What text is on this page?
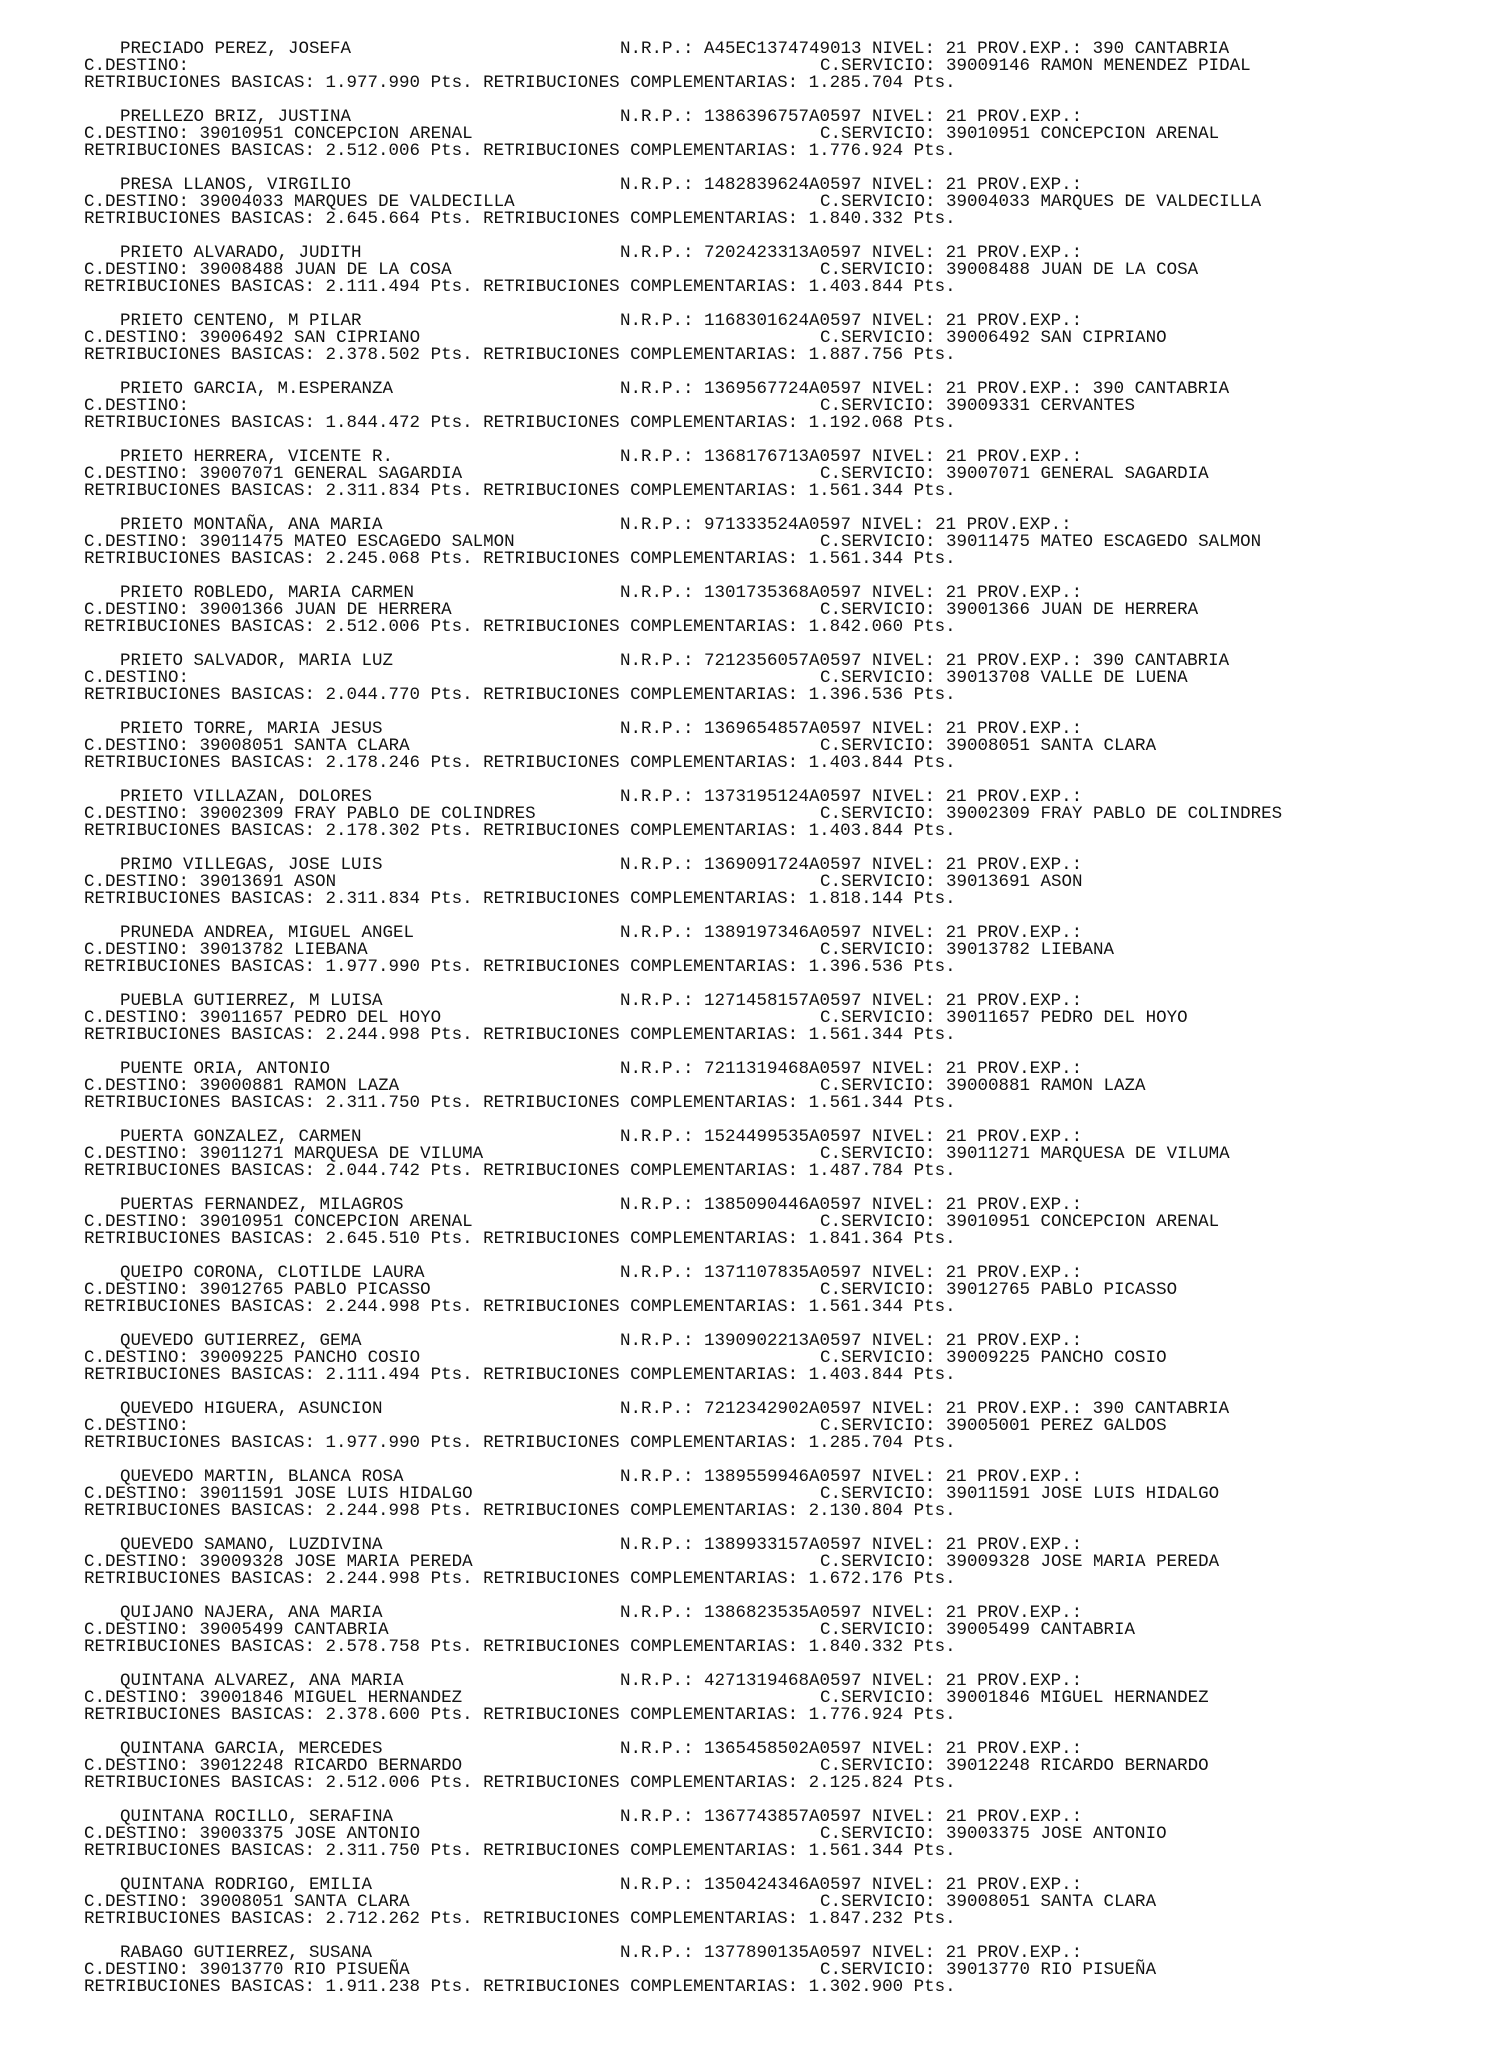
PRECIADO PEREZ, JOSEFA	N.R.P.: A45EC1374749013 NIVEL: 21 PROV.EXP.: 390 CANTABRIA
C.DESTINO:	C.SERVICIO: 39009146 RAMON MENENDEZ PIDAL
RETRIBUCIONES BASICAS: 1.977.990 Pts. RETRIBUCIONES COMPLEMENTARIAS: 1.285.704 Pts.
PRELLEZO BRIZ, JUSTINA	N.R.P.: 1386396757A0597 NIVEL: 21 PROV.EXP.:
C.DESTINO: 39010951 CONCEPCION ARENAL	C.SERVICIO: 39010951 CONCEPCION ARENAL
RETRIBUCIONES BASICAS: 2.512.006 Pts. RETRIBUCIONES COMPLEMENTARIAS: 1.776.924 Pts.
PRESA LLANOS, VIRGILIO	N.R.P.: 1482839624A0597 NIVEL: 21 PROV.EXP.:
C.DESTINO: 39004033 MARQUES DE VALDECILLA	C.SERVICIO: 39004033 MARQUES DE VALDECILLA
RETRIBUCIONES BASICAS: 2.645.664 Pts. RETRIBUCIONES COMPLEMENTARIAS: 1.840.332 Pts.
PRIETO ALVARADO, JUDITH	N.R.P.: 7202423313A0597 NIVEL: 21 PROV.EXP.:
C.DESTINO: 39008488 JUAN DE LA COSA	C.SERVICIO: 39008488 JUAN DE LA COSA
RETRIBUCIONES BASICAS: 2.111.494 Pts. RETRIBUCIONES COMPLEMENTARIAS: 1.403.844 Pts.
PRIETO CENTENO, M PILAR	N.R.P.: 1168301624A0597 NIVEL: 21 PROV.EXP.:
C.DESTINO: 39006492 SAN CIPRIANO	C.SERVICIO: 39006492 SAN CIPRIANO
RETRIBUCIONES BASICAS: 2.378.502 Pts. RETRIBUCIONES COMPLEMENTARIAS: 1.887.756 Pts.
PRIETO GARCIA, M.ESPERANZA	N.R.P.: 1369567724A0597 NIVEL: 21 PROV.EXP.: 390 CANTABRIA
C.DESTINO:	C.SERVICIO: 39009331 CERVANTES
RETRIBUCIONES BASICAS: 1.844.472 Pts. RETRIBUCIONES COMPLEMENTARIAS: 1.192.068 Pts.
PRIETO HERRERA, VICENTE R.	N.R.P.: 1368176713A0597 NIVEL: 21 PROV.EXP.:
C.DESTINO: 39007071 GENERAL SAGARDIA	C.SERVICIO: 39007071 GENERAL SAGARDIA
RETRIBUCIONES BASICAS: 2.311.834 Pts. RETRIBUCIONES COMPLEMENTARIAS: 1.561.344 Pts.
PRIETO MONTAÑA, ANA MARIA	N.R.P.: 971333524A0597 NIVEL: 21 PROV.EXP.:
C.DESTINO: 39011475 MATEO ESCAGEDO SALMON	C.SERVICIO: 39011475 MATEO ESCAGEDO SALMON
RETRIBUCIONES BASICAS: 2.245.068 Pts. RETRIBUCIONES COMPLEMENTARIAS: 1.561.344 Pts.
PRIETO ROBLEDO, MARIA CARMEN	N.R.P.: 1301735368A0597 NIVEL: 21 PROV.EXP.:
C.DESTINO: 39001366 JUAN DE HERRERA	C.SERVICIO: 39001366 JUAN DE HERRERA
RETRIBUCIONES BASICAS: 2.512.006 Pts. RETRIBUCIONES COMPLEMENTARIAS: 1.842.060 Pts.
PRIETO SALVADOR, MARIA LUZ	N.R.P.: 7212356057A0597 NIVEL: 21 PROV.EXP.: 390 CANTABRIA
C.DESTINO:	C.SERVICIO: 39013708 VALLE DE LUENA
RETRIBUCIONES BASICAS: 2.044.770 Pts. RETRIBUCIONES COMPLEMENTARIAS: 1.396.536 Pts.
PRIETO TORRE, MARIA JESUS	N.R.P.: 1369654857A0597 NIVEL: 21 PROV.EXP.:
C.DESTINO: 39008051 SANTA CLARA	C.SERVICIO: 39008051 SANTA CLARA
RETRIBUCIONES BASICAS: 2.178.246 Pts. RETRIBUCIONES COMPLEMENTARIAS: 1.403.844 Pts.
PRIETO VILLAZAN, DOLORES	N.R.P.: 1373195124A0597 NIVEL: 21 PROV.EXP.:
C.DESTINO: 39002309 FRAY PABLO DE COLINDRES	C.SERVICIO: 39002309 FRAY PABLO DE COLINDRES
RETRIBUCIONES BASICAS: 2.178.302 Pts. RETRIBUCIONES COMPLEMENTARIAS: 1.403.844 Pts.
PRIMO VILLEGAS, JOSE LUIS	N.R.P.: 1369091724A0597 NIVEL: 21 PROV.EXP.:
C.DESTINO: 39013691 ASON	C.SERVICIO: 39013691 ASON
RETRIBUCIONES BASICAS: 2.311.834 Pts. RETRIBUCIONES COMPLEMENTARIAS: 1.818.144 Pts.
PRUNEDA ANDREA, MIGUEL ANGEL	N.R.P.: 1389197346A0597 NIVEL: 21 PROV.EXP.:
C.DESTINO: 39013782 LIEBANA	C.SERVICIO: 39013782 LIEBANA
RETRIBUCIONES BASICAS: 1.977.990 Pts. RETRIBUCIONES COMPLEMENTARIAS: 1.396.536 Pts.
PUEBLA GUTIERREZ, M LUISA	N.R.P.: 1271458157A0597 NIVEL: 21 PROV.EXP.:
C.DESTINO: 39011657 PEDRO DEL HOYO	C.SERVICIO: 39011657 PEDRO DEL HOYO
RETRIBUCIONES BASICAS: 2.244.998 Pts. RETRIBUCIONES COMPLEMENTARIAS: 1.561.344 Pts.
PUENTE ORIA, ANTONIO	N.R.P.: 7211319468A0597 NIVEL: 21 PROV.EXP.:
C.DESTINO: 39000881 RAMON LAZA	C.SERVICIO: 39000881 RAMON LAZA
RETRIBUCIONES BASICAS: 2.311.750 Pts. RETRIBUCIONES COMPLEMENTARIAS: 1.561.344 Pts.
PUERTA GONZALEZ, CARMEN	N.R.P.: 1524499535A0597 NIVEL: 21 PROV.EXP.:
C.DESTINO: 39011271 MARQUESA DE VILUMA	C.SERVICIO: 39011271 MARQUESA DE VILUMA
RETRIBUCIONES BASICAS: 2.044.742 Pts. RETRIBUCIONES COMPLEMENTARIAS: 1.487.784 Pts.
PUERTAS FERNANDEZ, MILAGROS	N.R.P.: 1385090446A0597 NIVEL: 21 PROV.EXP.:
C.DESTINO: 39010951 CONCEPCION ARENAL	C.SERVICIO: 39010951 CONCEPCION ARENAL
RETRIBUCIONES BASICAS: 2.645.510 Pts. RETRIBUCIONES COMPLEMENTARIAS: 1.841.364 Pts.
QUEIPO CORONA, CLOTILDE LAURA	N.R.P.: 1371107835A0597 NIVEL: 21 PROV.EXP.:
C.DESTINO: 39012765 PABLO PICASSO	C.SERVICIO: 39012765 PABLO PICASSO
RETRIBUCIONES BASICAS: 2.244.998 Pts. RETRIBUCIONES COMPLEMENTARIAS: 1.561.344 Pts.
QUEVEDO GUTIERREZ, GEMA	N.R.P.: 1390902213A0597 NIVEL: 21 PROV.EXP.:
C.DESTINO: 39009225 PANCHO COSIO	C.SERVICIO: 39009225 PANCHO COSIO
RETRIBUCIONES BASICAS: 2.111.494 Pts. RETRIBUCIONES COMPLEMENTARIAS: 1.403.844 Pts.
QUEVEDO HIGUERA, ASUNCION	N.R.P.: 7212342902A0597 NIVEL: 21 PROV.EXP.: 390 CANTABRIA
C.DESTINO:	C.SERVICIO: 39005001 PEREZ GALDOS
RETRIBUCIONES BASICAS: 1.977.990 Pts. RETRIBUCIONES COMPLEMENTARIAS: 1.285.704 Pts.
QUEVEDO MARTIN, BLANCA ROSA	N.R.P.: 1389559946A0597 NIVEL: 21 PROV.EXP.:
C.DESTINO: 39011591 JOSE LUIS HIDALGO	C.SERVICIO: 39011591 JOSE LUIS HIDALGO
RETRIBUCIONES BASICAS: 2.244.998 Pts. RETRIBUCIONES COMPLEMENTARIAS: 2.130.804 Pts.
QUEVEDO SAMANO, LUZDIVINA	N.R.P.: 1389933157A0597 NIVEL: 21 PROV.EXP.:
C.DESTINO: 39009328 JOSE MARIA PEREDA	C.SERVICIO: 39009328 JOSE MARIA PEREDA
RETRIBUCIONES BASICAS: 2.244.998 Pts. RETRIBUCIONES COMPLEMENTARIAS: 1.672.176 Pts.
QUIJANO NAJERA, ANA MARIA	N.R.P.: 1386823535A0597 NIVEL: 21 PROV.EXP.:
C.DESTINO: 39005499 CANTABRIA	C.SERVICIO: 39005499 CANTABRIA
RETRIBUCIONES BASICAS: 2.578.758 Pts. RETRIBUCIONES COMPLEMENTARIAS: 1.840.332 Pts.
QUINTANA ALVAREZ, ANA MARIA	N.R.P.: 4271319468A0597 NIVEL: 21 PROV.EXP.:
C.DESTINO: 39001846 MIGUEL HERNANDEZ	C.SERVICIO: 39001846 MIGUEL HERNANDEZ
RETRIBUCIONES BASICAS: 2.378.600 Pts. RETRIBUCIONES COMPLEMENTARIAS: 1.776.924 Pts.
QUINTANA GARCIA, MERCEDES	N.R.P.: 1365458502A0597 NIVEL: 21 PROV.EXP.:
C.DESTINO: 39012248 RICARDO BERNARDO	C.SERVICIO: 39012248 RICARDO BERNARDO
RETRIBUCIONES BASICAS: 2.512.006 Pts. RETRIBUCIONES COMPLEMENTARIAS: 2.125.824 Pts.
QUINTANA ROCILLO, SERAFINA	N.R.P.: 1367743857A0597 NIVEL: 21 PROV.EXP.:
C.DESTINO: 39003375 JOSE ANTONIO	C.SERVICIO: 39003375 JOSE ANTONIO
RETRIBUCIONES BASICAS: 2.311.750 Pts. RETRIBUCIONES COMPLEMENTARIAS: 1.561.344 Pts.
QUINTANA RODRIGO, EMILIA	N.R.P.: 1350424346A0597 NIVEL: 21 PROV.EXP.:
C.DESTINO: 39008051 SANTA CLARA	C.SERVICIO: 39008051 SANTA CLARA
RETRIBUCIONES BASICAS: 2.712.262 Pts. RETRIBUCIONES COMPLEMENTARIAS: 1.847.232 Pts.
RABAGO GUTIERREZ, SUSANA	N.R.P.: 1377890135A0597 NIVEL: 21 PROV.EXP.:
C.DESTINO: 39013770 RIO PISUEÑA	C.SERVICIO: 39013770 RIO PISUEÑA
RETRIBUCIONES BASICAS: 1.911.238 Pts. RETRIBUCIONES COMPLEMENTARIAS: 1.302.900 Pts.
